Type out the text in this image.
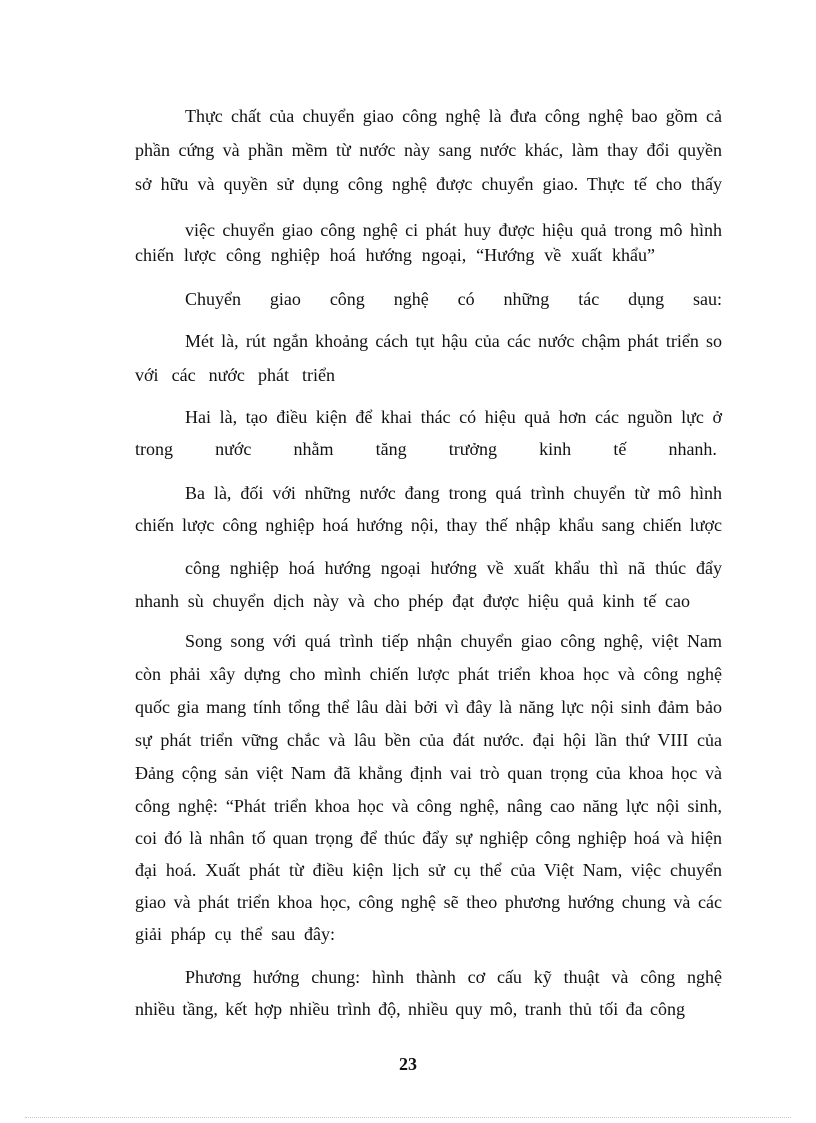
Thực chất của chuyển giao công nghệ là đưa công nghệ bao gồm cả
phần cứng và phần mềm từ nước này sang nước khác, làm thay đổi quyền
sở hữu và quyền sử dụng công nghệ được chuyển giao. Thực tế cho thấy
việc chuyển giao công nghệ ci phát huy được hiệu quả trong mô hình
chiến lược công nghiệp hoá hướng ngoại, “Hướng về xuất khẩu”
Chuyển giao công nghệ có những tác dụng sau:
Mét là, rút ngắn khoảng cách tụt hậu của các nước chậm phát triển so
với các nước phát triển
Hai là, tạo điều kiện để khai thác có hiệu quả hơn các nguồn lực ở
trong nước nhằm tăng trưởng kinh tế nhanh.
Ba là, đối với những nước đang trong quá trình chuyển từ mô hình
chiến lược công nghiệp hoá hướng nội, thay thế nhập khẩu sang chiến lược
công nghiệp hoá hướng ngoại hướng về xuất khẩu thì nã thúc đẩy
nhanh sù chuyển dịch này và cho phép đạt được hiệu quả kinh tế cao
Song song với quá trình tiếp nhận chuyển giao công nghệ, việt Nam
còn phải xây dựng cho mình chiến lược phát triển khoa học và công nghệ
quốc gia mang tính tổng thể lâu dài bởi vì đây là năng lực nội sinh đảm bảo
sự phát triển vững chắc và lâu bền của đát nước. đại hội lần thứ VIII của
Đảng cộng sản việt Nam đã khẳng định vai trò quan trọng của khoa học và
công nghệ: “Phát triển khoa học và công nghệ, nâng cao năng lực nội sinh,
coi đó là nhân tố quan trọng để thúc đẩy sự nghiệp công nghiệp hoá và hiện
đại hoá. Xuất phát từ điều kiện lịch sử cụ thể của Việt Nam, việc chuyển
giao và phát triển khoa học, công nghệ sẽ theo phương hướng chung và các
giải pháp cụ thể sau đây:
Phương hướng chung: hình thành cơ cấu kỹ thuật và công nghệ
nhiều tầng, kết hợp nhiều trình độ, nhiều quy mô, tranh thủ tối đa công
23
